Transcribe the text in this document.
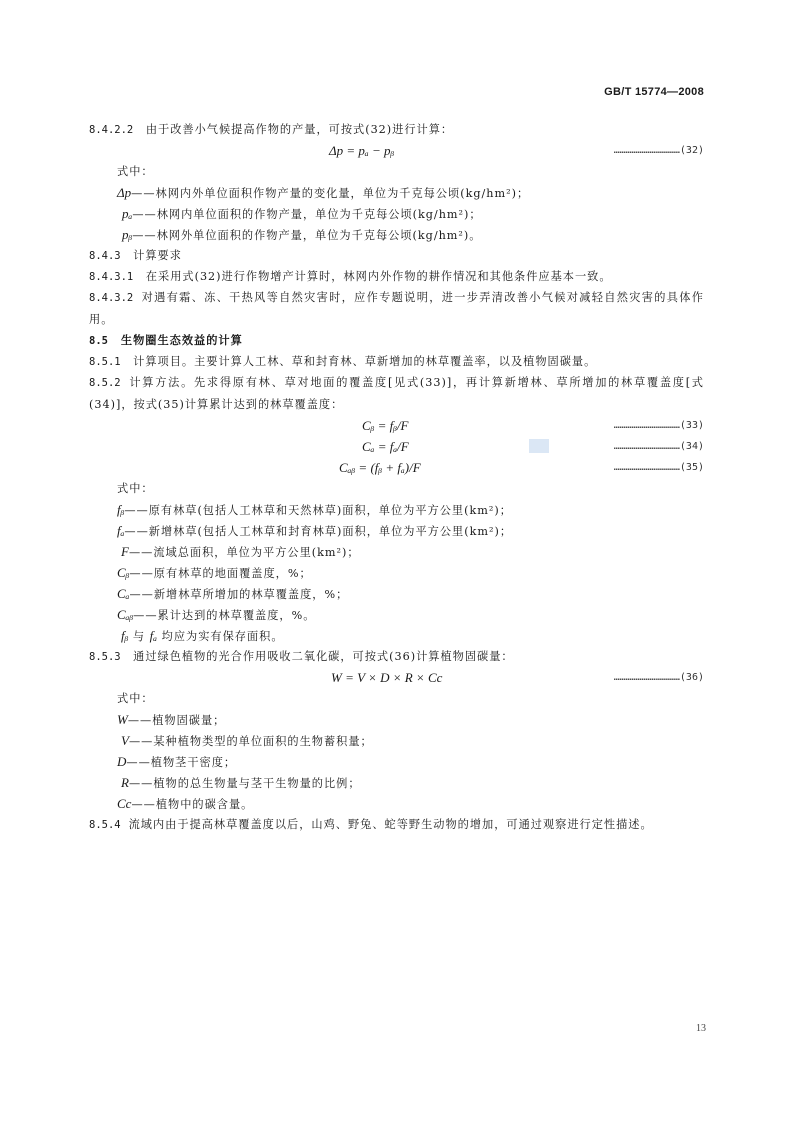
GB/T 15774—2008
8.4.2.2 由于改善小气候提高作物的产量，可按式(32)进行计算：
Δp = pₐ − pᵦ	……………………………(32)
式中：
Δp——林网内外单位面积作物产量的变化量，单位为千克每公顷(kg/hm²)；
pₐ——林网内单位面积的作物产量，单位为千克每公顷(kg/hm²)；
pᵦ——林网外单位面积的作物产量，单位为千克每公顷(kg/hm²)。
8.4.3 计算要求
8.4.3.1 在采用式(32)进行作物增产计算时，林网内外作物的耕作情况和其他条件应基本一致。
8.4.3.2 对遇有霜、冻、干热风等自然灾害时，应作专题说明，进一步弄清改善小气候对减轻自然灾害的具体作用。
8.5 生物圈生态效益的计算
8.5.1 计算项目。主要计算人工林、草和封育林、草新增加的林草覆盖率，以及植物固碳量。
8.5.2 计算方法。先求得原有林、草对地面的覆盖度[见式(33)]，再计算新增林、草所增加的林草覆盖度[式(34)]，按式(35)计算累计达到的林草覆盖度：
Cᵦ = fᵦ/F	……………………………(33)
Cₐ = fₐ/F	……………………………(34)
Cₐᵦ = (fᵦ + fₐ)/F	……………………………(35)
式中：
fᵦ——原有林草(包括人工林草和天然林草)面积，单位为平方公里(km²)；
fₐ——新增林草(包括人工林草和封育林草)面积，单位为平方公里(km²)；
F——流域总面积，单位为平方公里(km²)；
Cᵦ——原有林草的地面覆盖度，%；
Cₐ——新增林草所增加的林草覆盖度，%；
Cₐᵦ——累计达到的林草覆盖度，%。
fᵦ 与 fₐ 均应为实有保存面积。
8.5.3 通过绿色植物的光合作用吸收二氧化碳，可按式(36)计算植物固碳量：
W = V × D × R × Cc	……………………………(36)
式中：
W——植物固碳量；
V——某种植物类型的单位面积的生物蓄积量；
D——植物茎干密度；
R——植物的总生物量与茎干生物量的比例；
Cc——植物中的碳含量。
8.5.4 流域内由于提高林草覆盖度以后，山鸡、野兔、蛇等野生动物的增加，可通过观察进行定性描述。
13
